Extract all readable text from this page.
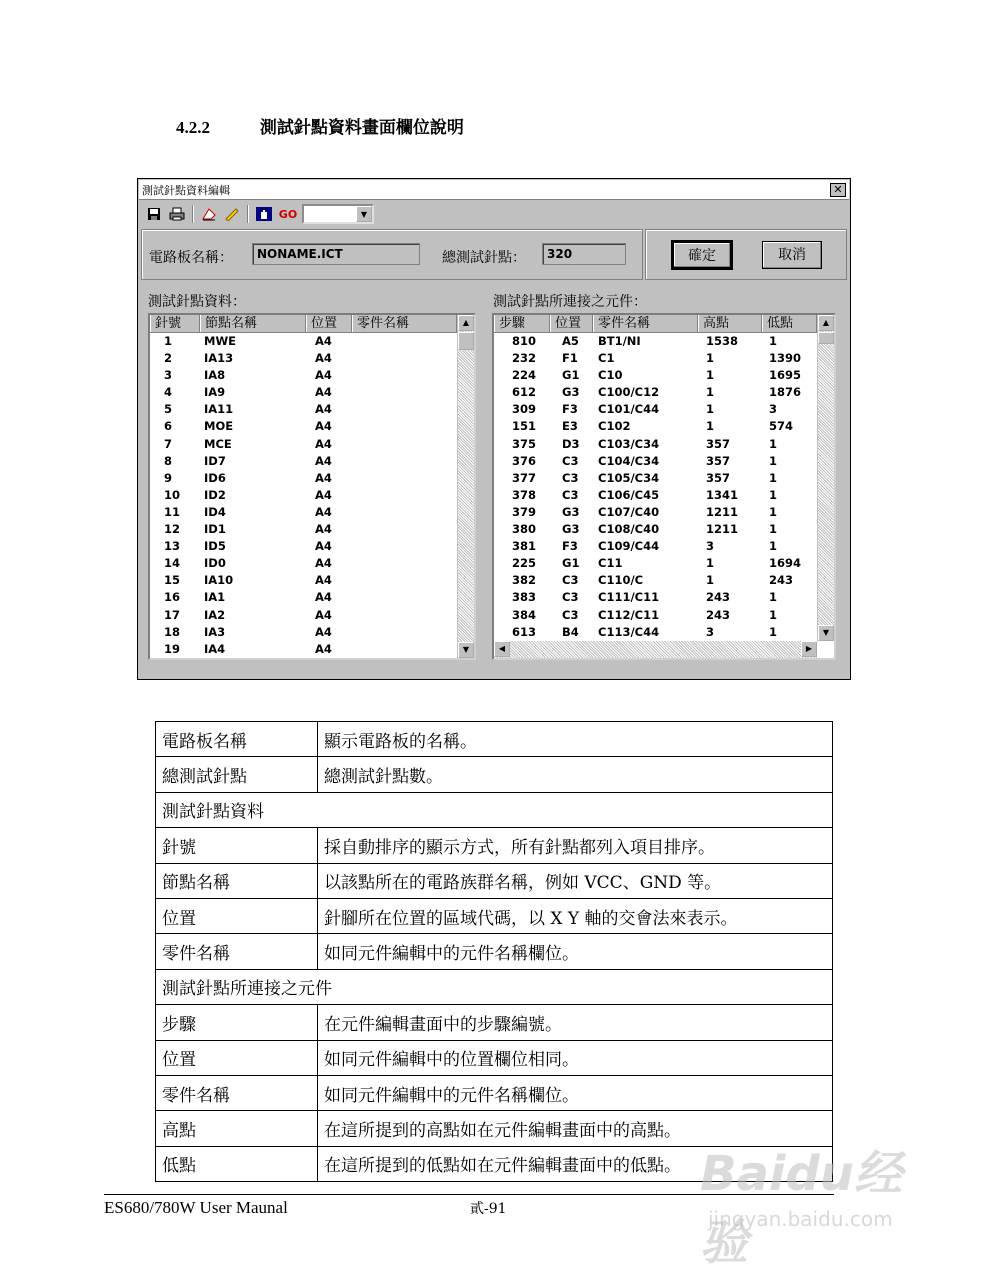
4.2.2	測試針點資料畫面欄位說明
測試針點資料編輯	✕
GO	▼
電路板名稱：	NONAME.ICT	總測試針點：	320	確定	取消
測試針點資料：	測試針點所連接之元件：
針號	節點名稱	位置	零件名稱
1	MWE	A4
2	IA13	A4
3	IA8	A4
4	IA9	A4
5	IA11	A4
6	MOE	A4
7	MCE	A4
8	ID7	A4
9	ID6	A4
10	ID2	A4
11	ID4	A4
12	ID1	A4
13	ID5	A4
14	ID0	A4
15	IA10	A4
16	IA1	A4
17	IA2	A4
18	IA3	A4
19	IA4	A4
▲
▼
步驟	位置	零件名稱	高點	低點
810	A5	BT1/NI	1538	1
232	F1	C1	1	1390
224	G1	C10	1	1695
612	G3	C100/C12	1	1876
309	F3	C101/C44	1	3
151	E3	C102	1	574
375	D3	C103/C34	357	1
376	C3	C104/C34	357	1
377	C3	C105/C34	357	1
378	C3	C106/C45	1341	1
379	G3	C107/C40	1211	1
380	G3	C108/C40	1211	1
381	F3	C109/C44	3	1
225	G1	C11	1	1694
382	C3	C110/C	1	243
383	C3	C111/C11	243	1
384	C3	C112/C11	243	1
613	B4	C113/C44	3	1
▲
▼
◀	▶
電路板名稱	顯示電路板的名稱。
總測試針點	總測試針點數。
測試針點資料	
針號	採自動排序的顯示方式，所有針點都列入項目排序。
節點名稱	以該點所在的電路族群名稱，例如 VCC、GND 等。
位置	針腳所在位置的區域代碼，以 X Y 軸的交會法來表示。
零件名稱	如同元件編輯中的元件名稱欄位。
測試針點所連接之元件	
步驟	在元件編輯畫面中的步驟編號。
位置	如同元件編輯中的位置欄位相同。
零件名稱	如同元件編輯中的元件名稱欄位。
高點	在這所提到的高點如在元件編輯畫面中的高點。
低點	在這所提到的低點如在元件編輯畫面中的低點。
ES680/780W User Maunal	貳-91
Baidu经验
jingyan.baidu.com
